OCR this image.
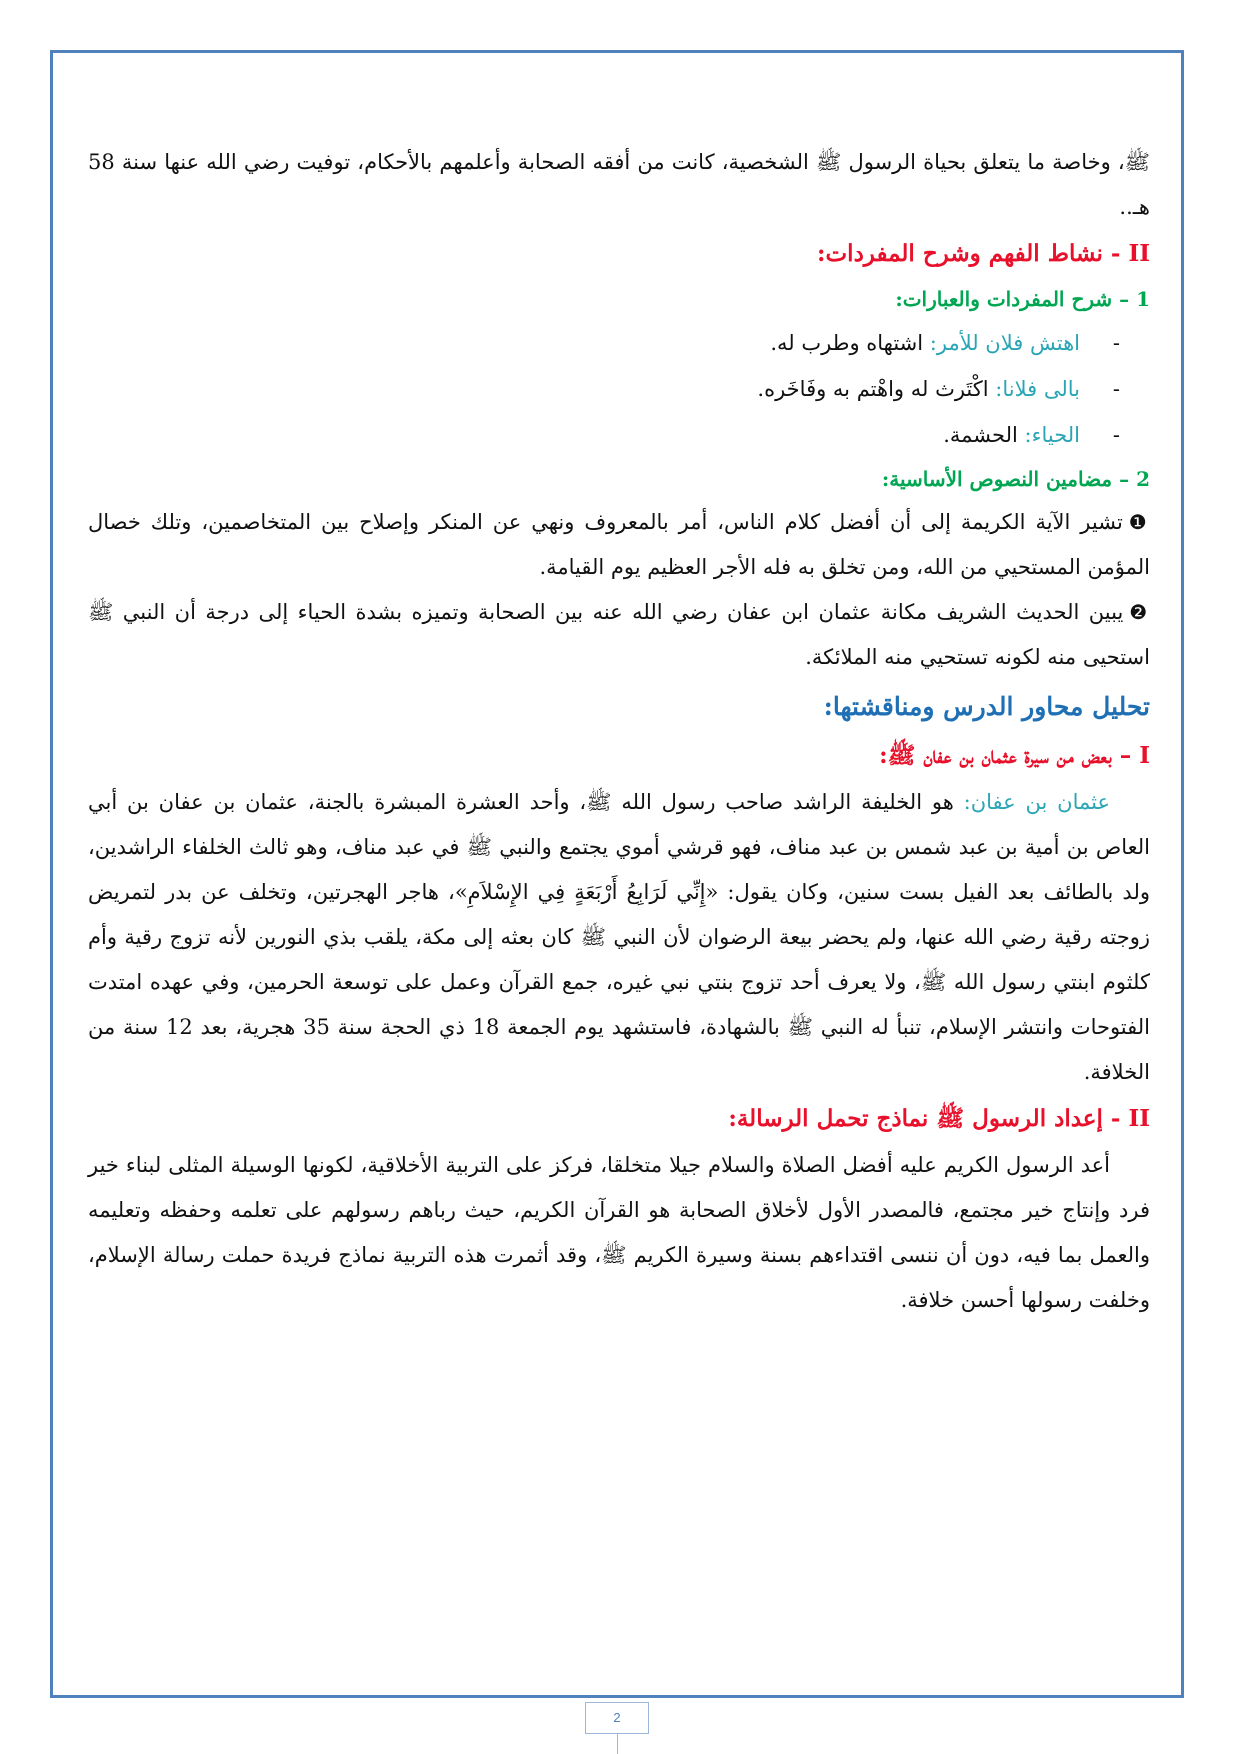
ﷺ، وخاصة ما يتعلق بحياة الرسول ﷺ الشخصية، كانت من أفقه الصحابة وأعلمهم بالأحكام، توفيت رضي الله عنها سنة 58 هـ..

II - نشاط الفهم وشرح المفردات:

1 – شرح المفردات والعبارات:

-اهتش فلان للأمر: اشتهاه وطرب له.
-بالى فلانا: اكْتَرث له واهْتم به وفَاخَره.
-الحياء: الحشمة.

2 – مضامين النصوص الأساسية:

❶تشير الآية الكريمة إلى أن أفضل كلام الناس، أمر بالمعروف ونهي عن المنكر وإصلاح بين المتخاصمين، وتلك خصال المؤمن المستحيي من الله، ومن تخلق به فله الأجر العظيم يوم القيامة.

❷يبين الحديث الشريف مكانة عثمان ابن عفان رضي الله عنه بين الصحابة وتميزه بشدة الحياء إلى درجة أن النبي ﷺ استحيى منه لكونه تستحيي منه الملائكة.

تحليل محاور الدرس ومناقشتها:

I – بعض من سيرة عثمان بن عفان ﷺ:

عثمان بن عفان: هو الخليفة الراشد صاحب رسول الله ﷺ، وأحد العشرة المبشرة بالجنة، عثمان بن عفان بن أبي العاص بن أمية بن عبد شمس بن عبد مناف، فهو قرشي أموي يجتمع والنبي ﷺ في عبد مناف، وهو ثالث الخلفاء الراشدين، ولد بالطائف بعد الفيل بست سنين، وكان يقول: «إِنِّي لَرَابِعُ أَرْبَعَةٍ فِي الإِسْلاَمِ»، هاجر الهجرتين، وتخلف عن بدر لتمريض زوجته رقية رضي الله عنها، ولم يحضر بيعة الرضوان لأن النبي ﷺ كان بعثه إلى مكة، يلقب بذي النورين لأنه تزوج رقية وأم كلثوم ابنتي رسول الله ﷺ، ولا يعرف أحد تزوج بنتي نبي غيره، جمع القرآن وعمل على توسعة الحرمين، وفي عهده امتدت الفتوحات وانتشر الإسلام، تنبأ له النبي ﷺ بالشهادة، فاستشهد يوم الجمعة 18 ذي الحجة سنة 35 هجرية، بعد 12 سنة من الخلافة.

II - إعداد الرسول ﷺ نماذج تحمل الرسالة:

أعد الرسول الكريم عليه أفضل الصلاة والسلام جيلا متخلقا، فركز على التربية الأخلاقية، لكونها الوسيلة المثلى لبناء خير فرد وإنتاج خير مجتمع، فالمصدر الأول لأخلاق الصحابة هو القرآن الكريم، حيث رباهم رسولهم على تعلمه وحفظه وتعليمه والعمل بما فيه، دون أن ننسى اقتداءهم بسنة وسيرة الكريم ﷺ، وقد أثمرت هذه التربية نماذج فريدة حملت رسالة الإسلام، وخلفت رسولها أحسن خلافة.

2
